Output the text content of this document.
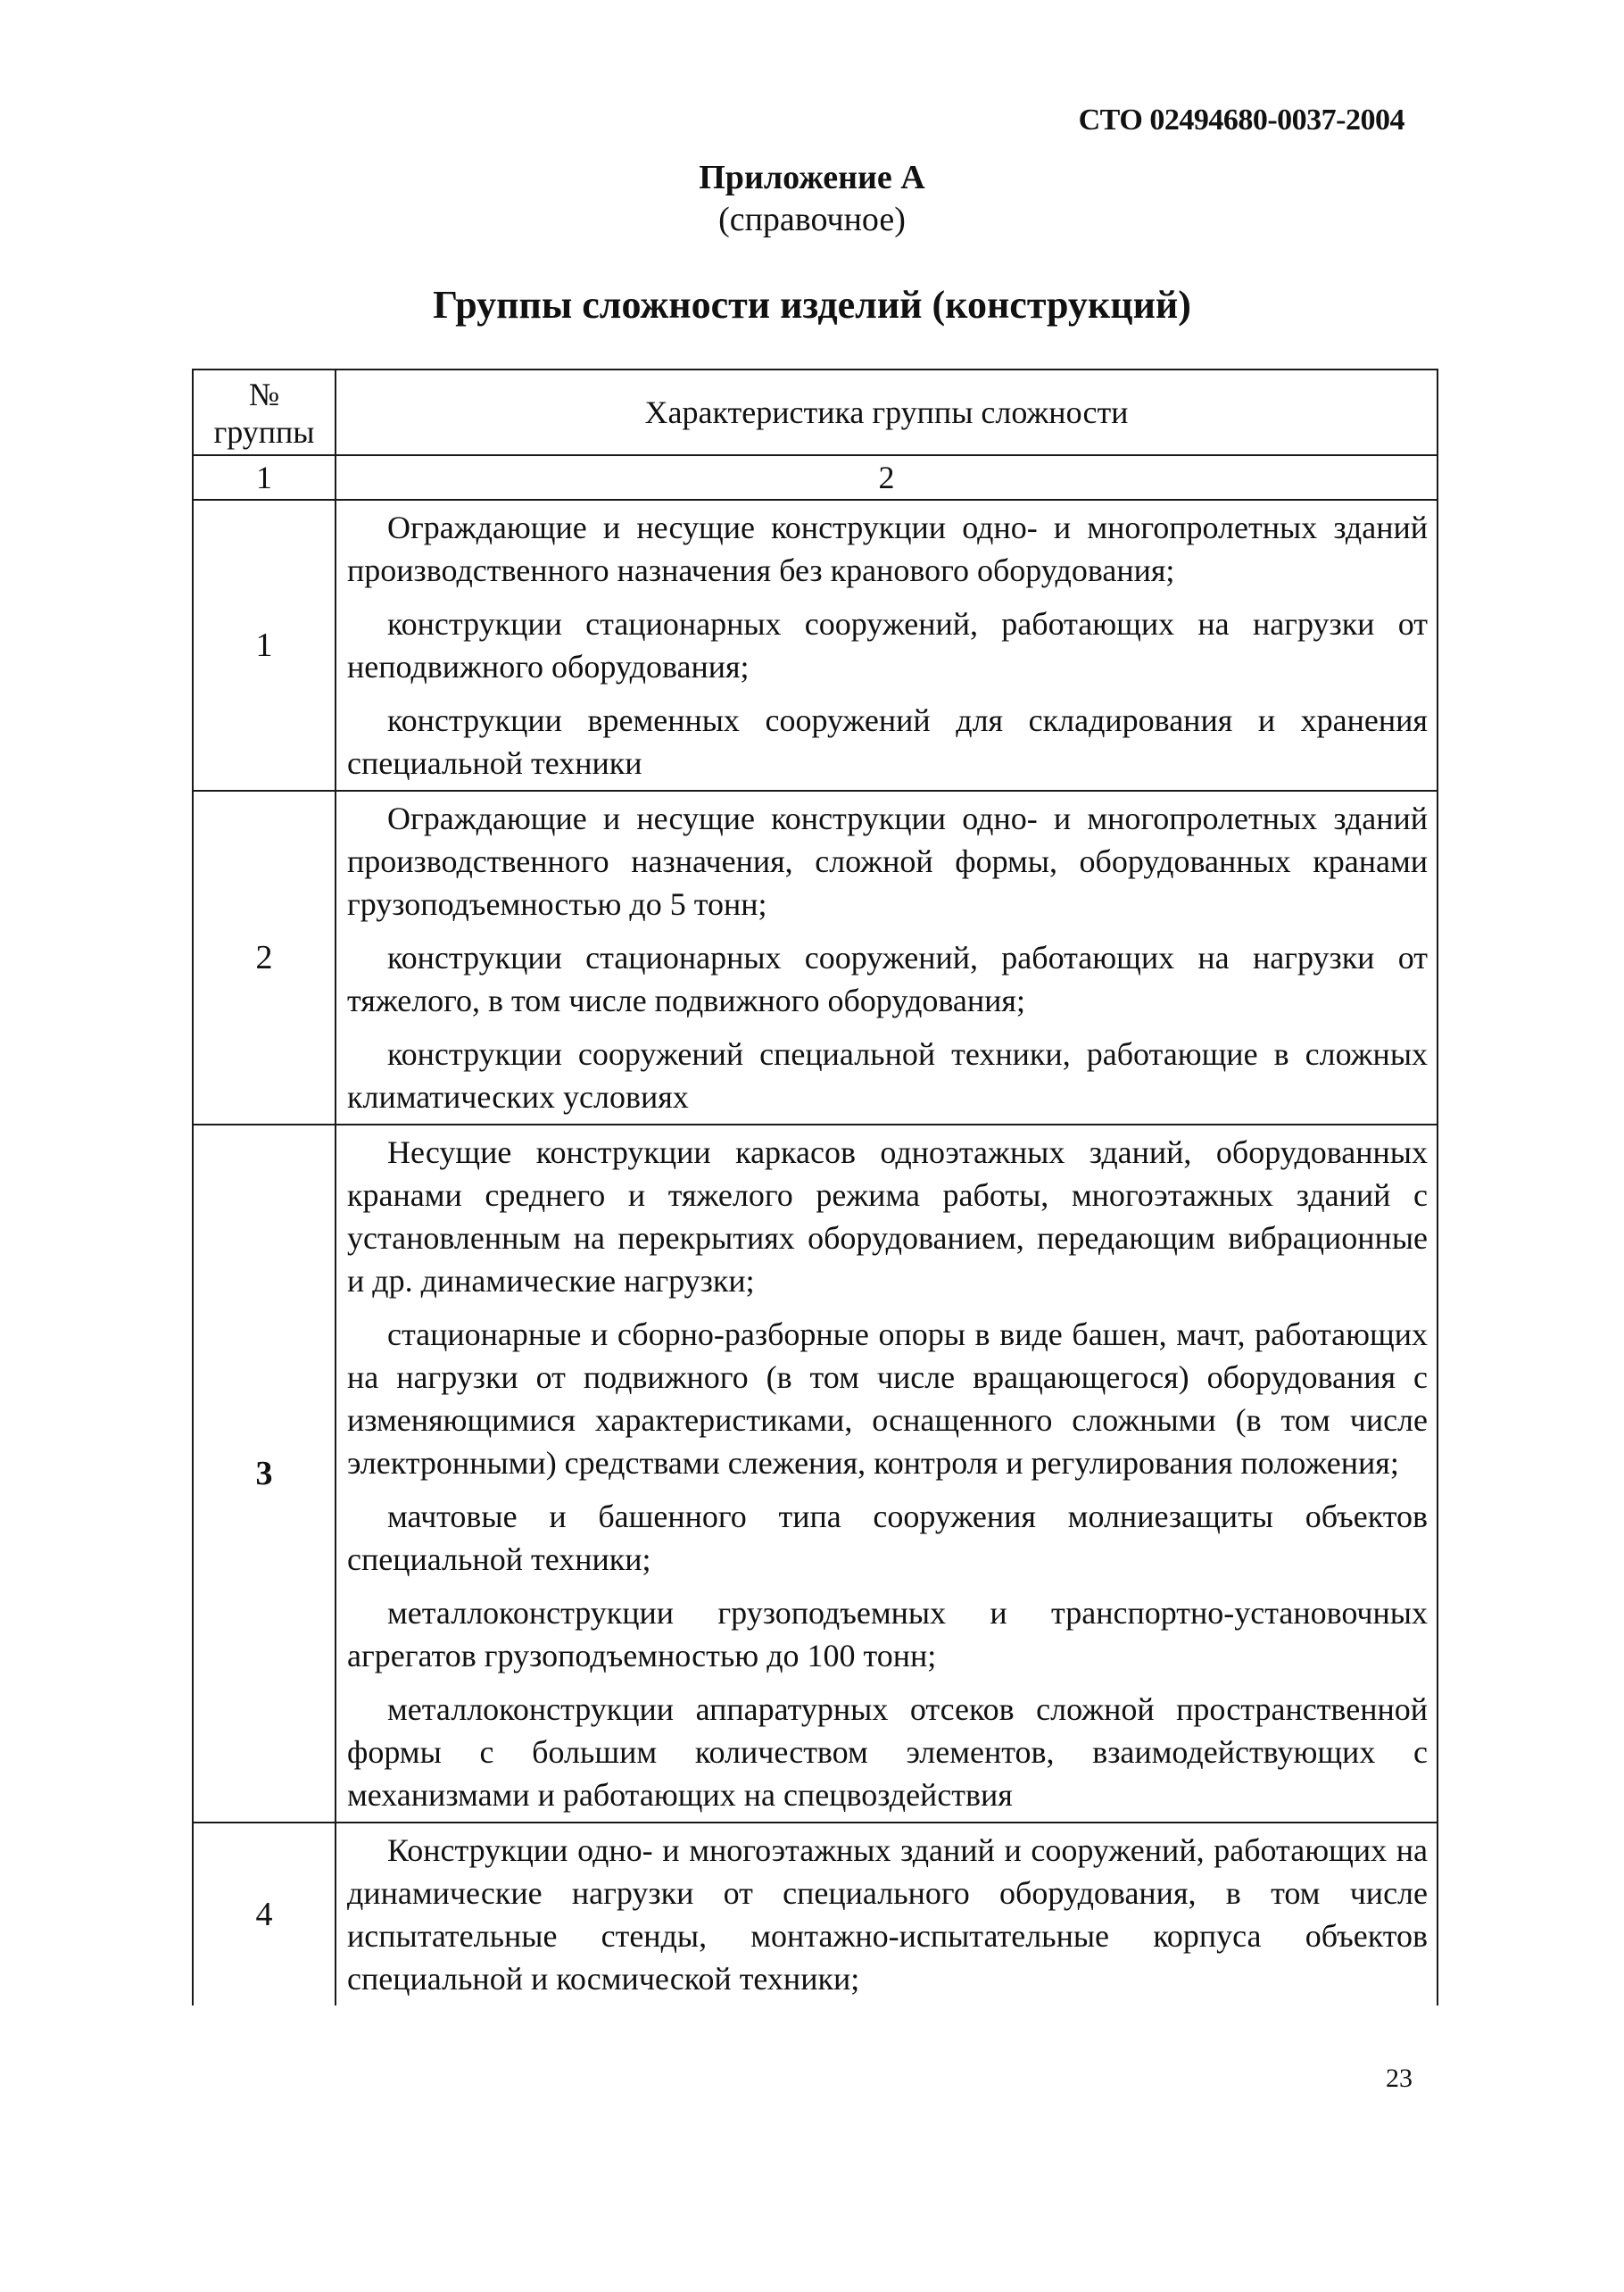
СТО 02494680-0037-2004
Приложение А
(справочное)
Группы сложности изделий (конструкций)
№ группы	Характеристика группы сложности
1	2
1	Ограждающие и несущие конструкции одно- и многопролетных зданий производственного назначения без кранового оборудования;

конструкции стационарных сооружений, работающих на нагрузки от неподвижного оборудования;

конструкции временных сооружений для складирования и хранения специальной техники

2	Ограждающие и несущие конструкции одно- и многопролетных зданий производственного назначения, сложной формы, оборудованных кранами грузоподъемностью до 5 тонн;

конструкции стационарных сооружений, работающих на нагрузки от тяжелого, в том числе подвижного оборудования;

конструкции сооружений специальной техники, работающие в сложных климатических условиях

3	Несущие конструкции каркасов одноэтажных зданий, оборудованных кранами среднего и тяжелого режима работы, многоэтажных зданий с установленным на перекрытиях оборудованием, передающим вибрационные и др. динамические нагрузки;

стационарные и сборно-разборные опоры в виде башен, мачт, работающих на нагрузки от подвижного (в том числе вращающегося) оборудования с изменяющимися характеристиками, оснащенного сложными (в том числе электронными) средствами слежения, контроля и регулирования положения;

мачтовые и башенного типа сооружения молниезащиты объектов специальной техники;

металлоконструкции грузоподъемных и транспортно-установочных агрегатов грузоподъемностью до 100 тонн;

металлоконструкции аппаратурных отсеков сложной пространственной формы с большим количеством элементов, взаимодействующих с механизмами и работающих на спецвоздействия

4	Конструкции одно- и многоэтажных зданий и сооружений, работающих на динамические нагрузки от специального оборудования, в том числе испытательные стенды, монтажно-испытательные корпуса объектов специальной и космической техники;

23
